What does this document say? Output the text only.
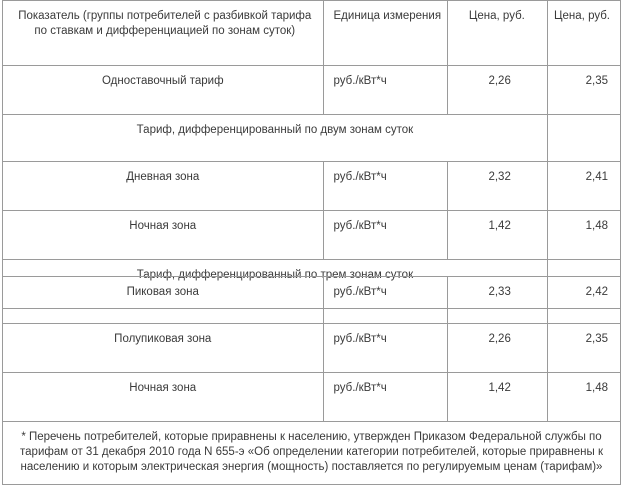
Показатель (группы потребителей с разбивкой тарифа по ставкам и дифференциацией по зонам суток)	Единица измерения	Цена, руб.	Цена, руб.
Одноставочный тариф	руб./кВт*ч	2,26	2,35
Тариф, дифференцированный по двум зонам суток			
Дневная зона	руб./кВт*ч	2,32	2,41
Ночная зона	руб./кВт*ч	1,42	1,48
Тариф, дифференцированный по трем зонам суток			
Пиковая зона	руб./кВт*ч	2,33	2,42
Полупиковая зона	руб./кВт*ч	2,26	2,35
Ночная зона	руб./кВт*ч	1,42	1,48
* Перечень потребителей, которые приравнены к населению, утвержден Приказом Федеральной службы по тарифам от 31 декабря 2010 года N 655-э «Об определении категории потребителей, которые приравнены к населению и которым электрическая энергия (мощность) поставляется по регулируемым ценам (тарифам)»			
